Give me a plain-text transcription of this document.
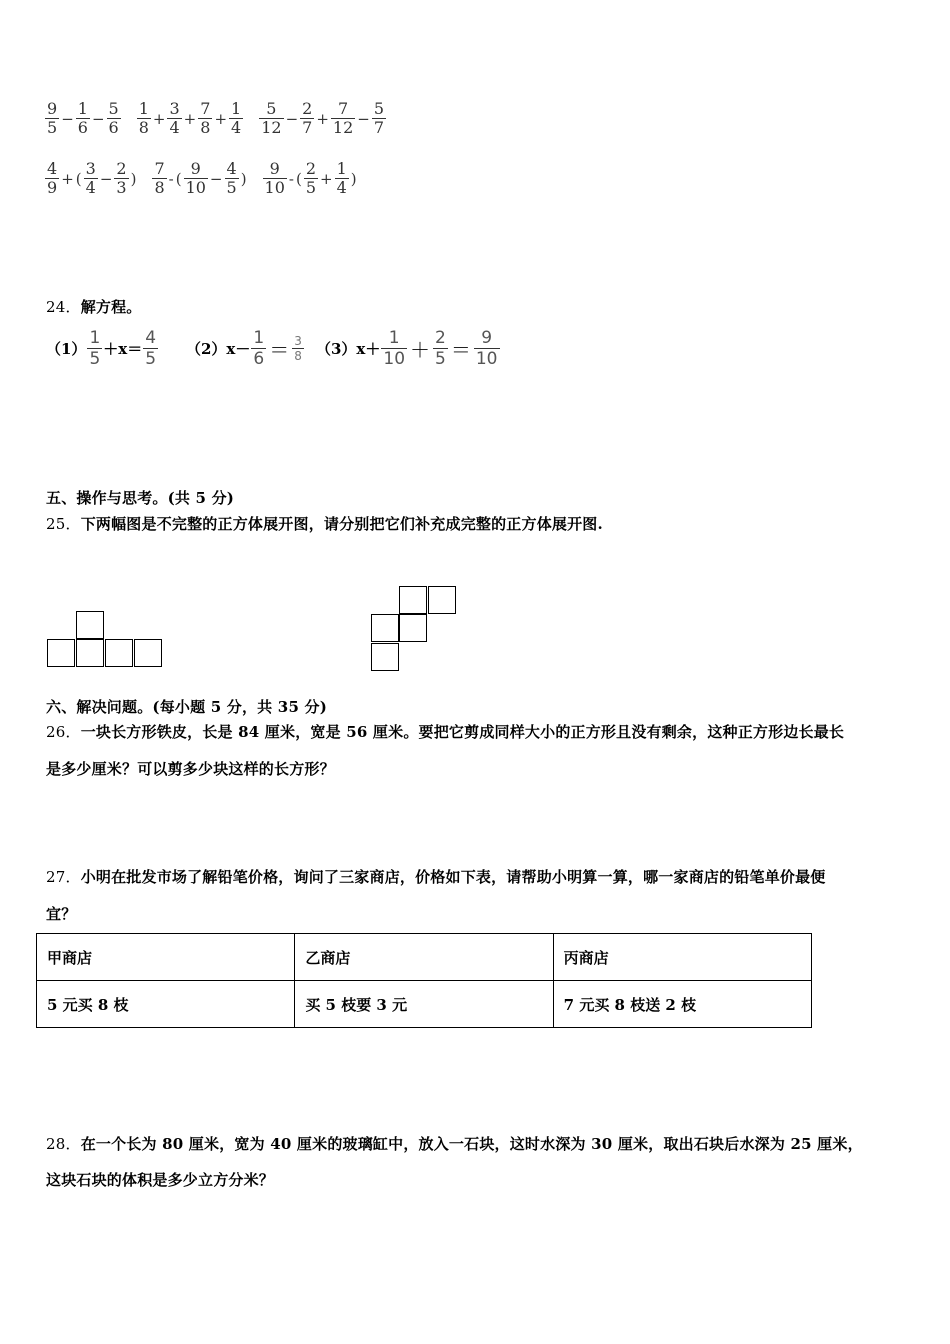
$\frac{9}{5} - \frac{1}{6} - \frac{5}{6} \frac{1}{8} + \frac{3}{4} + \frac{7}{8} + \frac{1}{4} \frac{5}{12} - \frac{2}{7} + \frac{7}{12} - \frac{5}{7}$
$\frac{4}{9}$ + ( $\frac{3}{4} - \frac{2}{3}$ ) $\frac{7}{8}$ - ( $\frac{9}{10} - \frac{4}{5}$ ) $\frac{9}{10}$ - ( $\frac{2}{5} + \frac{1}{4}$ )
24．解方程。
$(1) \frac{1}{5} +x= \frac{4}{5} (2)x- \frac{1}{6} = \frac{3}{8} (3)x+ \frac{1}{10} + \frac{2}{5} = \frac{9}{10}$
五、操作与思考。(共 5 分)
25．下两幅图是不完整的正方体展开图，请分别把它们补充成完整的正方体展开图.
六、解决问题。(每小题 5 分，共 35 分)
26．一块长方形铁皮，长是 84 厘米，宽是 56 厘米。要把它剪成同样大小的正方形且没有剩余，这种正方形边长最长
是多少厘米？可以剪多少块这样的长方形？
27．小明在批发市场了解铅笔价格，询问了三家商店，价格如下表，请帮助小明算一算，哪一家商店的铅笔单价最便
宜？
甲商店	乙商店	丙商店
5 元买 8 枝	买 5 枝要 3 元	7 元买 8 枝送 2 枝
28．在一个长为 80 厘米，宽为 40 厘米的玻璃缸中，放入一石块，这时水深为 30 厘米，取出石块后水深为 25 厘米，
这块石块的体积是多少立方分米？
